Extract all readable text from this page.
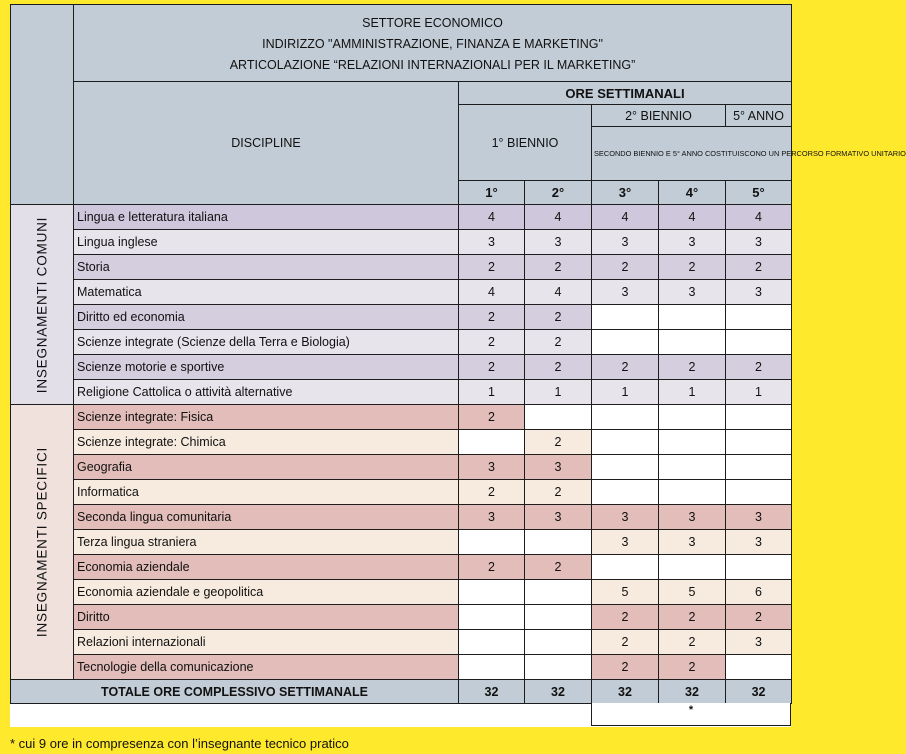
	SETTORE ECONOMICO
INDIRIZZO "AMMINISTRAZIONE, FINANZA E MARKETING"
ARTICOLAZIONE “RELAZIONI INTERNAZIONALI PER IL MARKETING”					

	DISCIPLINE	ORE SETTIMANALI				
		1° BIENNIO		2° BIENNIO		5° ANNO
				SECONDO BIENNIO E 5° ANNO COSTITUISCONO UN PERCORSO FORMATIVO UNITARIO		
		1°	2°	3°	4°	5°

INSEGNAMENTI COMUNI	Lingua e letteratura italiana	4	4	4	4	4
	Lingua inglese	3	3	3	3	3
	Storia	2	2	2	2	2
	Matematica	4	4	3	3	3
	Diritto ed economia	2	2			
	Scienze integrate (Scienze della Terra e Biologia)	2	2			
	Scienze motorie e sportive	2	2	2	2	2
	Religione Cattolica o attività alternative	1	1	1	1	1

INSEGNAMENTI SPECIFICI	Scienze integrate: Fisica	2				
	Scienze integrate: Chimica		2			
	Geografia	3	3			
	Informatica	2	2			
	Seconda lingua comunitaria	3	3	3	3	3
	Terza lingua straniera			3	3	3
	Economia aziendale	2	2			
	Economia aziendale e geopolitica			5	5	6
	Diritto			2	2	2
	Relazioni internazionali			2	2	3
	Tecnologie della comunicazione			2	2	
TOTALE ORE COMPLESSIVO SETTIMANALE		32	32	32	32	32
*
* cui 9 ore in compresenza con l’insegnante tecnico pratico
